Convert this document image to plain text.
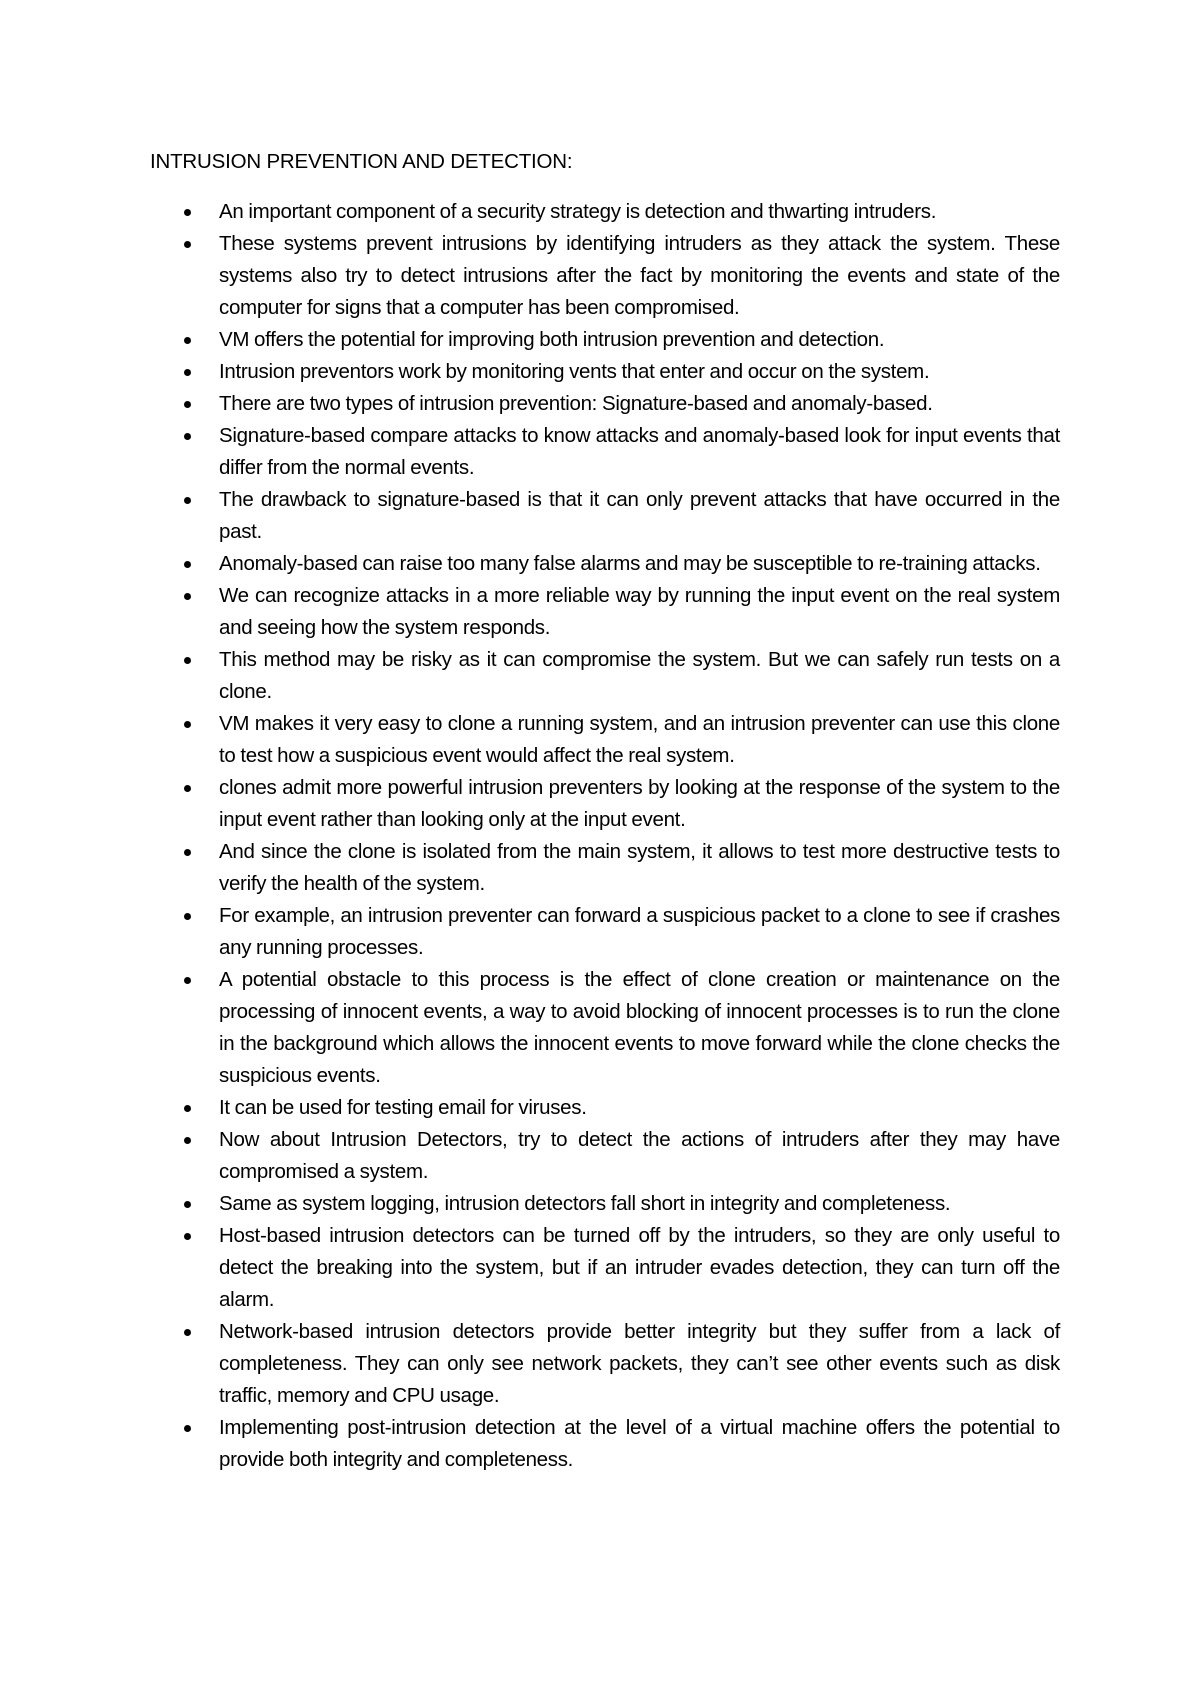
INTRUSION PREVENTION AND DETECTION:
An important component of a security strategy is detection and thwarting intruders.
These systems prevent intrusions by identifying intruders as they attack the system. These systems also try to detect intrusions after the fact by monitoring the events and state of the computer for signs that a computer has been compromised.
VM offers the potential for improving both intrusion prevention and detection.
Intrusion preventors work by monitoring vents that enter and occur on the system.
There are two types of intrusion prevention: Signature-based and anomaly-based.
Signature-based compare attacks to know attacks and anomaly-based look for input events that differ from the normal events.
The drawback to signature-based is that it can only prevent attacks that have occurred in the past.
Anomaly-based can raise too many false alarms and may be susceptible to re-training attacks.
We can recognize attacks in a more reliable way by running the input event on the real system and seeing how the system responds.
This method may be risky as it can compromise the system. But we can safely run tests on a clone.
VM makes it very easy to clone a running system, and an intrusion preventer can use this clone to test how a suspicious event would affect the real system.
clones admit more powerful intrusion preventers by looking at the response of the system to the input event rather than looking only at the input event.
And since the clone is isolated from the main system, it allows to test more destructive tests to verify the health of the system.
For example, an intrusion preventer can forward a suspicious packet to a clone to see if crashes any running processes.
A potential obstacle to this process is the effect of clone creation or maintenance on the processing of innocent events, a way to avoid blocking of innocent processes is to run the clone in the background which allows the innocent events to move forward while the clone checks the suspicious events.
It can be used for testing email for viruses.
Now about Intrusion Detectors, try to detect the actions of intruders after they may have compromised a system.
Same as system logging, intrusion detectors fall short in integrity and completeness.
Host-based intrusion detectors can be turned off by the intruders, so they are only useful to detect the breaking into the system, but if an intruder evades detection, they can turn off the alarm.
Network-based intrusion detectors provide better integrity but they suffer from a lack of completeness. They can only see network packets, they can’t see other events such as disk traffic, memory and CPU usage.
Implementing post-intrusion detection at the level of a virtual machine offers the potential to provide both integrity and completeness.
